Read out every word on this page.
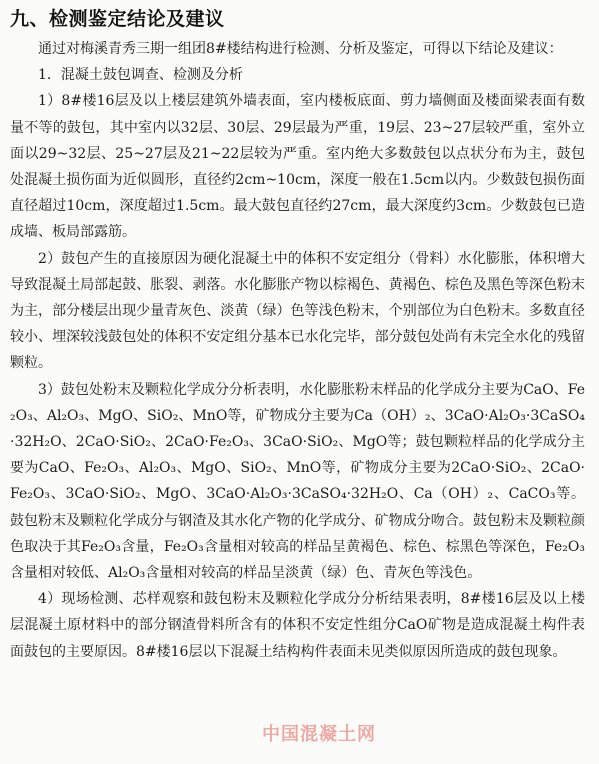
九、检测鉴定结论及建议

通过对梅溪青秀三期一组团8#楼结构进行检测、分析及鉴定，可得以下结论及建议：

1．混凝土鼓包调查、检测及分析

1）8#楼16层及以上楼层建筑外墙表面，室内楼板底面、剪力墙侧面及楼面梁表面有数量不等的鼓包，其中室内以32层、30层、29层最为严重，19层、23~27层较严重，室外立面以29~32层、25~27层及21~22层较为严重。室内绝大多数鼓包以点状分布为主，鼓包处混凝土损伤面为近似圆形，直径约2cm~10cm，深度一般在1.5cm以内。少数鼓包损伤面直径超过10cm，深度超过1.5cm。最大鼓包直径约27cm，最大深度约3cm。少数鼓包已造成墙、板局部露筋。

2）鼓包产生的直接原因为硬化混凝土中的体积不安定组分（骨料）水化膨胀，体积增大导致混凝土局部起鼓、胀裂、剥落。水化膨胀产物以棕褐色、黄褐色、棕色及黑色等深色粉末为主，部分楼层出现少量青灰色、淡黄（绿）色等浅色粉末，个别部位为白色粉末。多数直径较小、埋深较浅鼓包处的体积不安定组分基本已水化完毕，部分鼓包处尚有未完全水化的残留颗粒。

3）鼓包处粉末及颗粒化学成分分析表明，水化膨胀粉末样品的化学成分主要为CaO、Fe₂O₃、Al₂O₃、MgO、SiO₂、MnO等，矿物成分主要为Ca（OH）₂、3CaO·Al₂O₃·3CaSO₄·32H₂O、2CaO·SiO₂、2CaO·Fe₂O₃、3CaO·SiO₂、MgO等；鼓包颗粒样品的化学成分主要为CaO、Fe₂O₃、Al₂O₃、MgO、SiO₂、MnO等，矿物成分主要为2CaO·SiO₂、2CaO·Fe₂O₃、3CaO·SiO₂、MgO、3CaO·Al₂O₃·3CaSO₄·32H₂O、Ca（OH）₂、CaCO₃等。鼓包粉末及颗粒化学成分与钢渣及其水化产物的化学成分、矿物成分吻合。鼓包粉末及颗粒颜色取决于其Fe₂O₃含量，Fe₂O₃含量相对较高的样品呈黄褐色、棕色、棕黑色等深色，Fe₂O₃含量相对较低、Al₂O₃含量相对较高的样品呈淡黄（绿）色、青灰色等浅色。

4）现场检测、芯样观察和鼓包粉末及颗粒化学成分分析结果表明，8#楼16层及以上楼层混凝土原材料中的部分钢渣骨料所含有的体积不安定性组分CaO矿物是造成混凝土构件表面鼓包的主要原因。8#楼16层以下混凝土结构构件表面未见类似原因所造成的鼓包现象。

中国混凝土网
